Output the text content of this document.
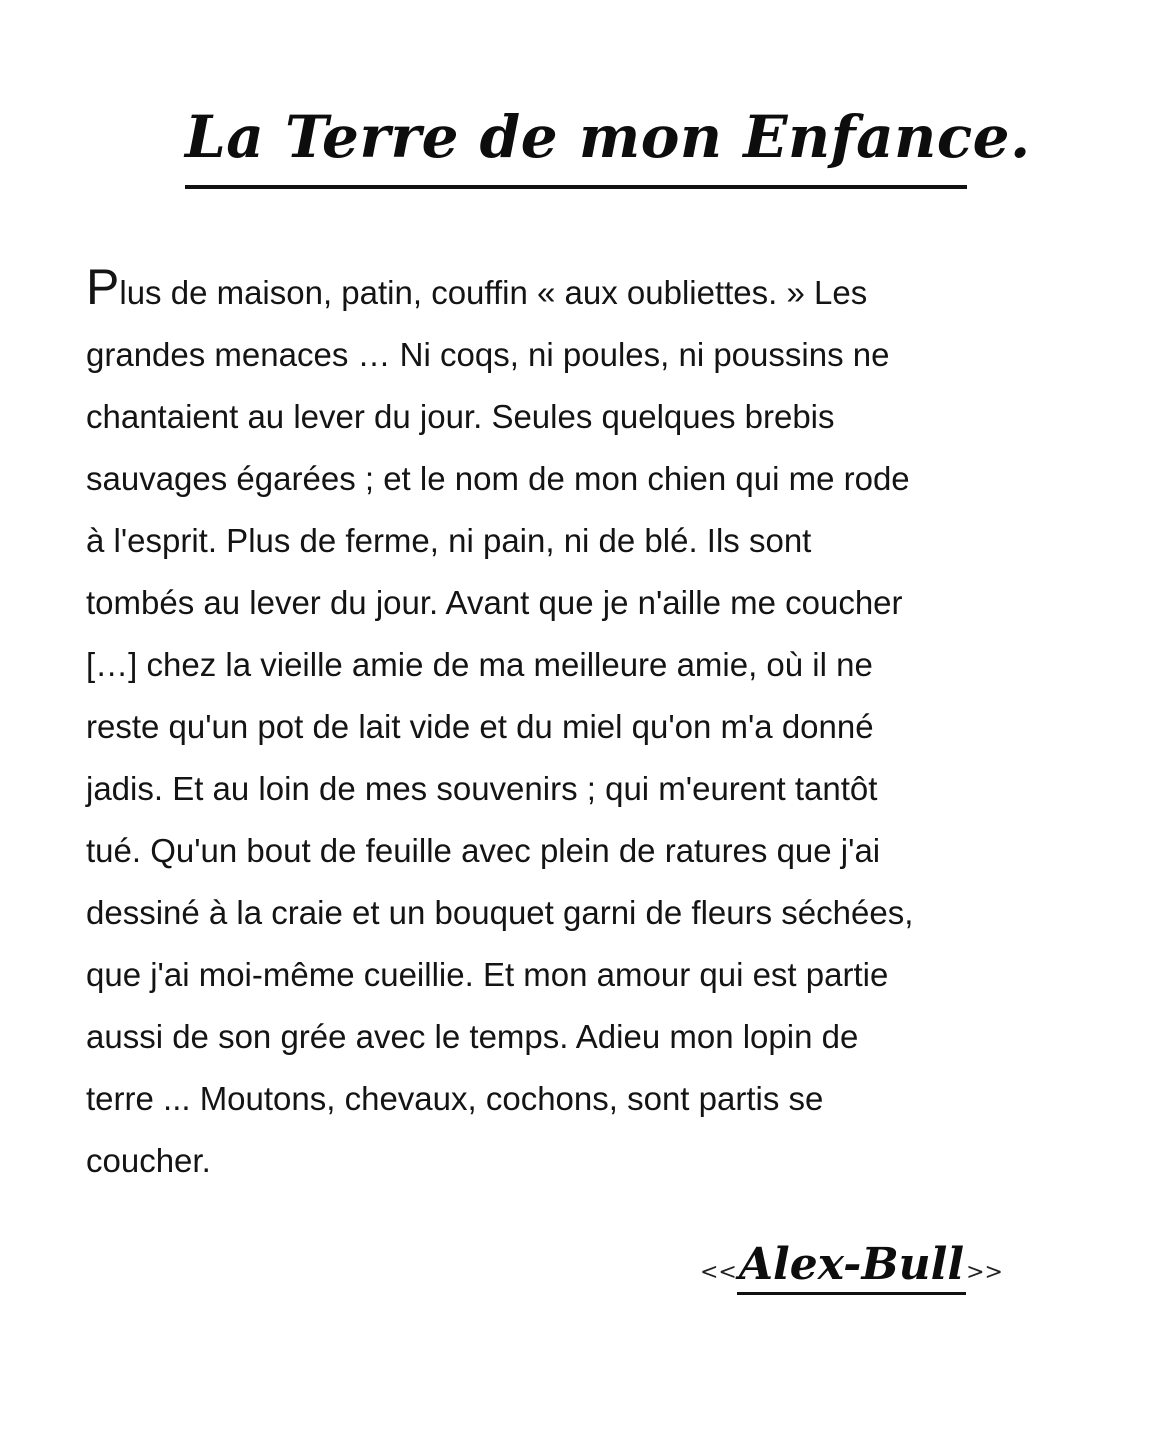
La Terre de mon Enfance.
Plus de maison, patin, couffin « aux oubliettes. » Les
grandes menaces … Ni coqs, ni poules, ni poussins ne
chantaient au lever du jour. Seules quelques brebis
sauvages égarées ; et le nom de mon chien qui me rode
à l'esprit. Plus de ferme, ni pain, ni de blé. Ils sont
tombés au lever du jour. Avant que je n'aille me coucher
[…] chez la vieille amie de ma meilleure amie, où il ne
reste qu'un pot de lait vide et du miel qu'on m'a donné
jadis. Et au loin de mes souvenirs ; qui m'eurent tantôt
tué. Qu'un bout de feuille avec plein de ratures que j'ai
dessiné à la craie et un bouquet garni de fleurs séchées,
que j'ai moi-même cueillie. Et mon amour qui est partie
aussi de son grée avec le temps. Adieu mon lopin de
terre ... Moutons, chevaux, cochons, sont partis se
coucher.
<<Alex-Bull>>
